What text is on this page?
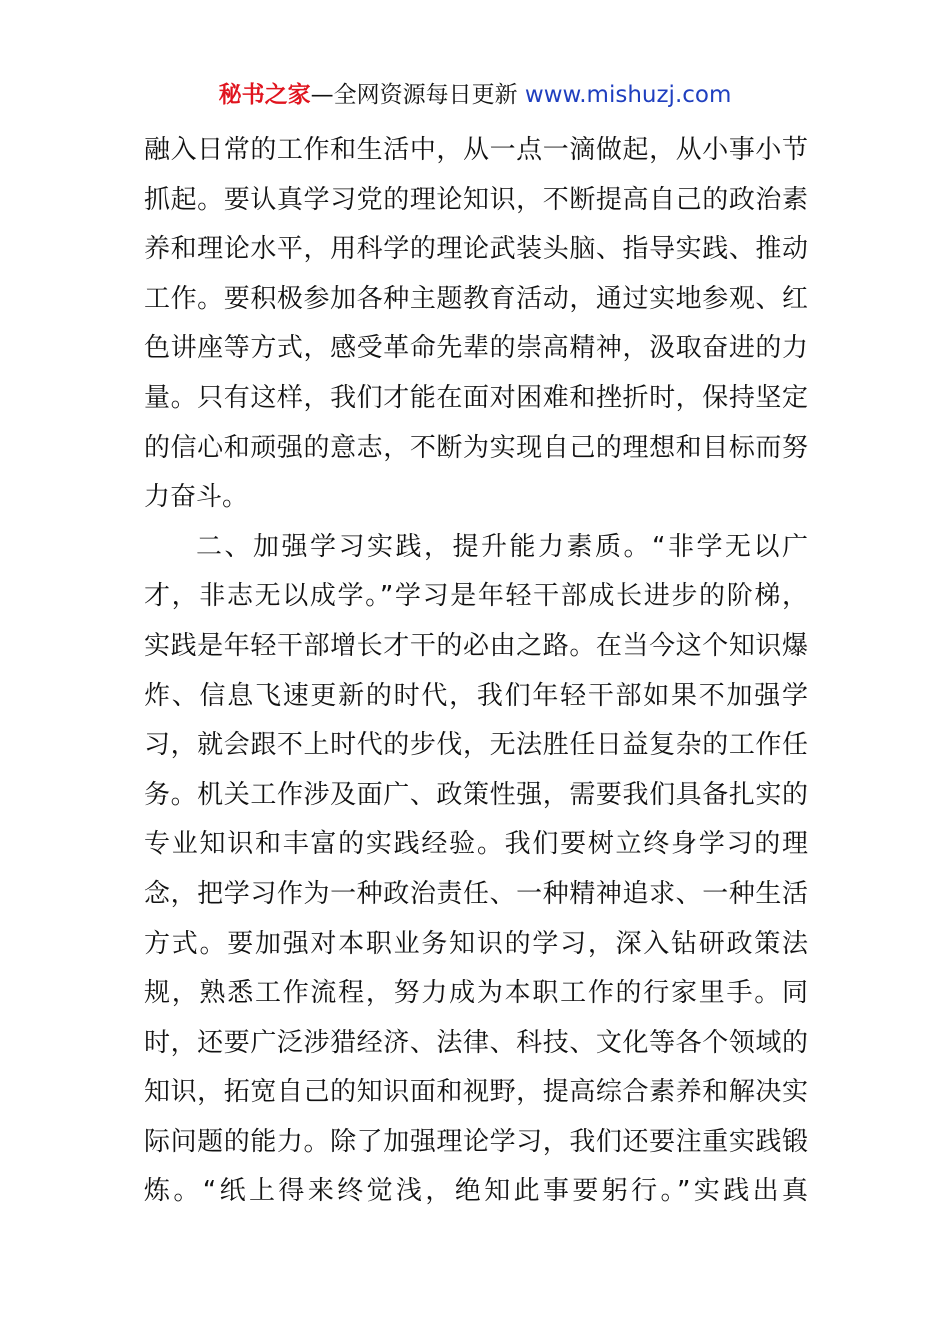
秘书之家—全网资源每日更新 www.mishuzj.com
融入日常的工作和生活中，从一点一滴做起，从小事小节
抓起。要认真学习党的理论知识，不断提高自己的政治素
养和理论水平，用科学的理论武装头脑、指导实践、推动
工作。要积极参加各种主题教育活动，通过实地参观、红
色讲座等方式，感受革命先辈的崇高精神，汲取奋进的力
量。只有这样，我们才能在面对困难和挫折时，保持坚定
的信心和顽强的意志，不断为实现自己的理想和目标而努
力奋斗。
二、加强学习实践，提升能力素质。“非学无以广
才，非志无以成学。”学习是年轻干部成长进步的阶梯，
实践是年轻干部增长才干的必由之路。在当今这个知识爆
炸、信息飞速更新的时代，我们年轻干部如果不加强学
习，就会跟不上时代的步伐，无法胜任日益复杂的工作任
务。机关工作涉及面广、政策性强，需要我们具备扎实的
专业知识和丰富的实践经验。我们要树立终身学习的理
念，把学习作为一种政治责任、一种精神追求、一种生活
方式。要加强对本职业务知识的学习，深入钻研政策法
规，熟悉工作流程，努力成为本职工作的行家里手。同
时，还要广泛涉猎经济、法律、科技、文化等各个领域的
知识，拓宽自己的知识面和视野，提高综合素养和解决实
际问题的能力。除了加强理论学习，我们还要注重实践锻
炼。“纸上得来终觉浅，绝知此事要躬行。”实践出真
